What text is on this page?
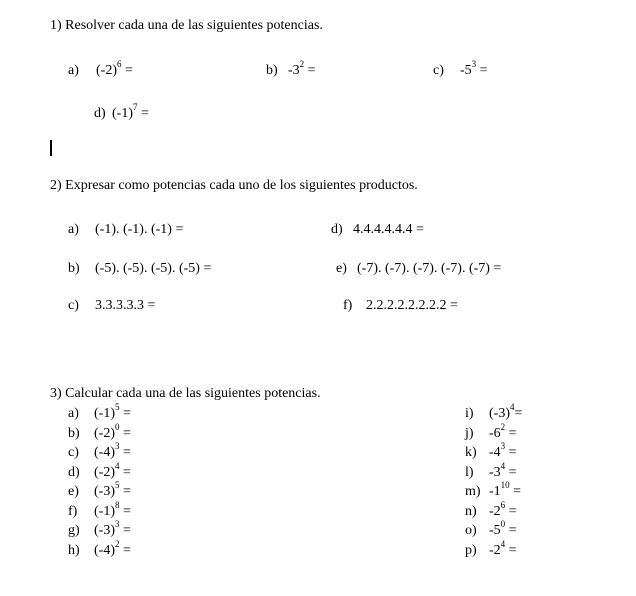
1) Resolver cada una de las siguientes potencias.
a) $(-2)^6$ =	b) $-3^2$ =	c) $-5^3$ =
d) $(-1)^7$ =
2) Expresar como potencias cada uno de los siguientes productos.
a) (-1). (-1). (-1) =
b) (-5). (-5). (-5). (-5) =
c) 3.3.3.3.3 =
d) 4.4.4.4.4.4 =
e) (-7). (-7). (-7). (-7). (-7) =
f) 2.2.2.2.2.2.2.2 =
3) Calcular cada una de las siguientes potencias.
a) $(-1)^5$ =
b) $(-2)^0$ =
c) $(-4)^3$ =
d) $(-2)^4$ =
e) $(-3)^5$ =
f) $(-1)^8$ =
g) $(-3)^3$ =
h) $(-4)^2$ =
i) $(-3)^4=$
j) $-6^2$ =
k) $-4^3$ =
l) $-3^4$ =
m) $-1^{10}$ =
n) $-2^6$ =
o) $-5^0$ =
p) $-2^4$ =
